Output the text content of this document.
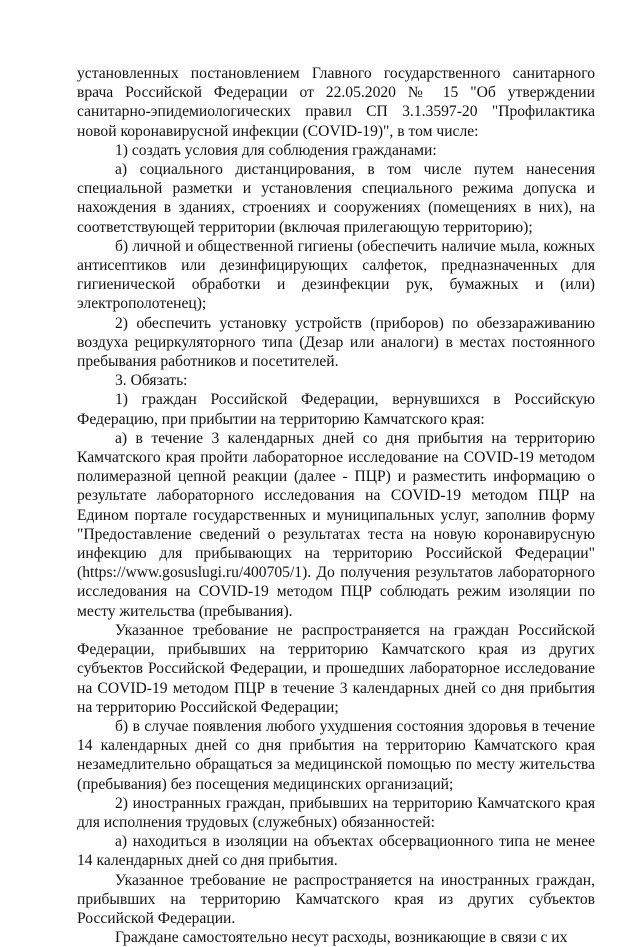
установленных постановлением Главного государственного санитарного врача Российской Федерации от 22.05.2020 № 15 "Об утверждении санитарно-эпидемиологических правил СП 3.1.3597-20 "Профилактика новой коронавирусной инфекции (COVID-19)", в том числе:

1) создать условия для соблюдения гражданами:

а) социального дистанцирования, в том числе путем нанесения специальной разметки и установления специального режима допуска и нахождения в зданиях, строениях и сооружениях (помещениях в них), на соответствующей территории (включая прилегающую территорию);

б) личной и общественной гигиены (обеспечить наличие мыла, кожных антисептиков или дезинфицирующих салфеток, предназначенных для гигиенической обработки и дезинфекции рук, бумажных и (или) электрополотенец);

2) обеспечить установку устройств (приборов) по обеззараживанию воздуха рециркуляторного типа (Дезар или аналоги) в местах постоянного пребывания работников и посетителей.

3. Обязать:

1) граждан Российской Федерации, вернувшихся в Российскую Федерацию, при прибытии на территорию Камчатского края:

а) в течение 3 календарных дней со дня прибытия на территорию Камчатского края пройти лабораторное исследование на COVID-19 методом полимеразной цепной реакции (далее - ПЦР) и разместить информацию о результате лабораторного исследования на COVID-19 методом ПЦР на Едином портале государственных и муниципальных услуг, заполнив форму "Предоставление сведений о результатах теста на новую коронавирусную инфекцию для прибывающих на территорию Российской Федерации" (https://www.gosuslugi.ru/400705/1). До получения результатов лабораторного исследования на COVID-19 методом ПЦР соблюдать режим изоляции по месту жительства (пребывания).

Указанное требование не распространяется на граждан Российской Федерации, прибывших на территорию Камчатского края из других субъектов Российской Федерации, и прошедших лабораторное исследование на COVID-19 методом ПЦР в течение 3 календарных дней со дня прибытия на территорию Российской Федерации;

б) в случае появления любого ухудшения состояния здоровья в течение 14 календарных дней со дня прибытия на территорию Камчатского края незамедлительно обращаться за медицинской помощью по месту жительства (пребывания) без посещения медицинских организаций;

2) иностранных граждан, прибывших на территорию Камчатского края для исполнения трудовых (служебных) обязанностей:

а) находиться в изоляции на объектах обсервационного типа не менее 14 календарных дней со дня прибытия.

Указанное требование не распространяется на иностранных граждан, прибывших на территорию Камчатского края из других субъектов Российской Федерации.

Граждане самостоятельно несут расходы, возникающие в связи с их
